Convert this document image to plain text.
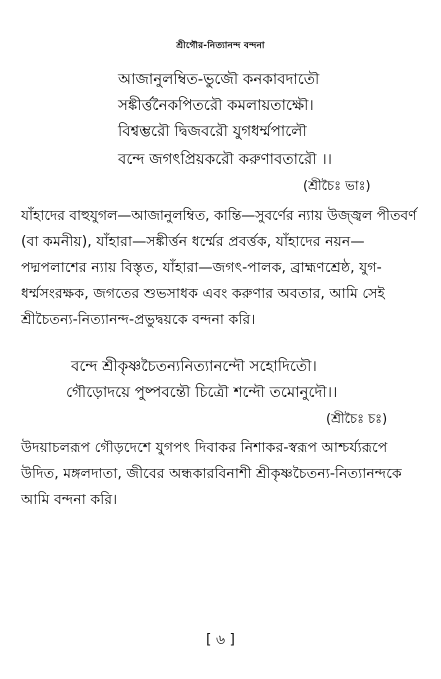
শ্রীগৌর-নিত্যানন্দ বন্দনা
আজানুলম্বিত-ভুজৌ কনকাবদাতৌ
সঙ্কীর্ত্তনৈকপিতরৌ কমলায়তাক্ষৌ।
বিশ্বম্ভরৌ দ্বিজবরৌ যুগধর্ম্মপালৌ
বন্দে জগৎপ্রিয়করৌ করুণাবতারৌ ।।
(শ্রীচৈঃ ভাঃ)
যাঁহাদের বাহুযুগল—আজানুলম্বিত, কান্তি—সুবর্ণের ন্যায় উজ্জ্বল পীতবর্ণ
(বা কমনীয়), যাঁহারা—সঙ্কীর্ত্তন ধর্ম্মের প্রবর্ত্তক, যাঁহাদের নয়ন—
পদ্মপলাশের ন্যায় বিস্তৃত, যাঁহারা—জগৎ-পালক, ব্রাহ্মণশ্রেষ্ঠ, যুগ-
ধর্ম্মসংরক্ষক, জগতের শুভসাধক এবং করুণার অবতার, আমি সেই
শ্রীচৈতন্য-নিত্যানন্দ-প্রভুদ্বয়কে বন্দনা করি।
বন্দে শ্রীকৃষ্ণচৈতন্যনিত্যানন্দৌ সহোদিতৌ।
গৌড়োদয়ে পুষ্পবন্তৌ চিত্রৌ শন্দৌ তমোনুদৌ।।
(শ্রীচৈঃ চঃ)
উদয়াচলরূপ গৌড়দেশে যুগপৎ দিবাকর নিশাকর-স্বরূপ আশ্চর্য্যরূপে
উদিত, মঙ্গলদাতা, জীবের অন্ধকারবিনাশী শ্রীকৃষ্ণচৈতন্য-নিত্যানন্দকে
আমি বন্দনা করি।
[ ৬ ]
